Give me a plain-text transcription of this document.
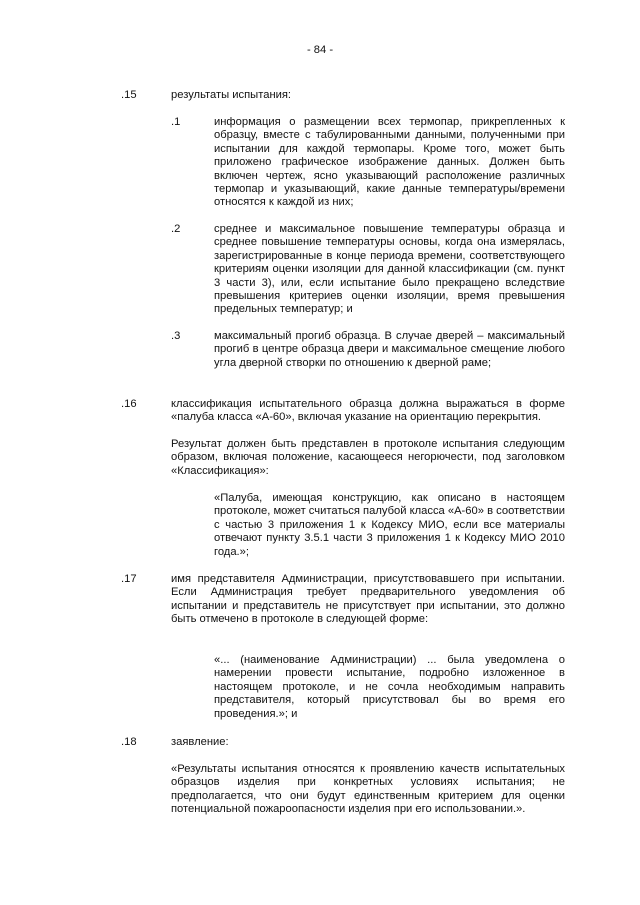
- 84 -
.15	результаты испытания:
.1	информация о размещении всех термопар, прикрепленных к образцу, вместе с табулированными данными, полученными при испытании для каждой термопары. Кроме того, может быть приложено графическое изображение данных. Должен быть включен чертеж, ясно указывающий расположение различных термопар и указывающий, какие данные температуры/времени относятся к каждой из них;
.2	среднее и максимальное повышение температуры образца и среднее повышение температуры основы, когда она измерялась, зарегистрированные в конце периода времени, соответствующего критериям оценки изоляции для данной классификации (см. пункт 3 части 3), или, если испытание было прекращено вследствие превышения критериев оценки изоляции, время превышения предельных температур; и
.3	максимальный прогиб образца. В случае дверей – максимальный прогиб в центре образца двери и максимальное смещение любого угла дверной створки по отношению к дверной раме;
.16	классификация испытательного образца должна выражаться в форме «палуба класса «А-60», включая указание на ориентацию перекрытия.
Результат должен быть представлен в протоколе испытания следующим образом, включая положение, касающееся негорючести, под заголовком «Классификация»:
«Палуба, имеющая конструкцию, как описано в настоящем протоколе, может считаться палубой класса «А-60» в соответствии с частью 3 приложения 1 к Кодексу МИО, если все материалы отвечают пункту 3.5.1 части 3 приложения 1 к Кодексу МИО 2010 года.»;
.17	имя представителя Администрации, присутствовавшего при испытании. Если Администрация требует предварительного уведомления об испытании и представитель не присутствует при испытании, это должно быть отмечено в протоколе в следующей форме:
«... (наименование Администрации) ... была уведомлена о намерении провести испытание, подробно изложенное в настоящем протоколе, и не сочла необходимым направить представителя, который присутствовал бы во время его проведения.»; и
.18	заявление:
«Результаты испытания относятся к проявлению качеств испытательных образцов изделия при конкретных условиях испытания; не предполагается, что они будут единственным критерием для оценки потенциальной пожароопасности изделия при его использовании.».
